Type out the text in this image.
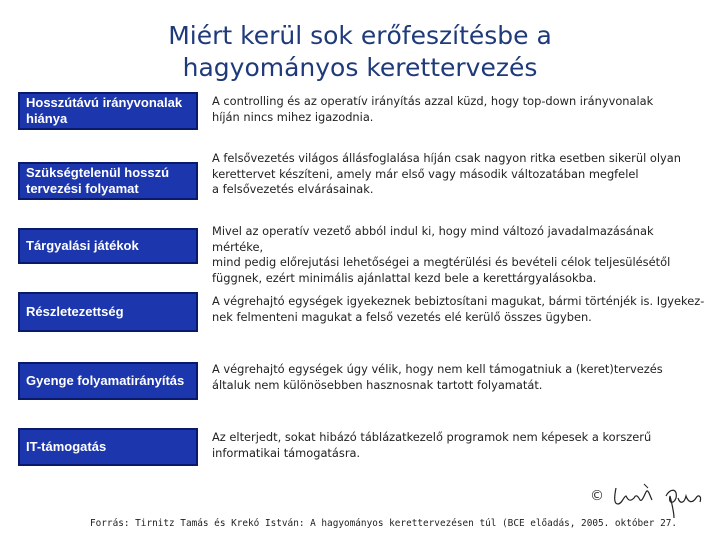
Miért kerül sok erőfeszítésbe a
hagyományos kerettervezés
Hosszútávú irányvonalak
hiánya
A controlling és az operatív irányítás azzal küzd, hogy top-down irányvonalak
híján nincs mihez igazodnia.
Szükségtelenül hosszú
tervezési folyamat
A felsővezetés világos állásfoglalása híján csak nagyon ritka esetben sikerül olyan
kerettervet készíteni, amely már első vagy második változatában megfelel
a felsővezetés elvárásainak.
Tárgyalási játékok
Mivel az operatív vezető abból indul ki, hogy mind változó javadalmazásának mértéke,
mind pedig előrejutási lehetőségei a megtérülési és bevételi célok teljesülésétől
függnek, ezért minimális ajánlattal kezd bele a kerettárgyalásokba.
Részletezettség
A végrehajtó egységek igyekeznek bebiztosítani magukat, bármi történjék is. Igyekez-
nek felmenteni magukat a felső vezetés elé kerülő összes ügyben.
Gyenge folyamatirányítás
A végrehajtó egységek úgy vélik, hogy nem kell támogatniuk a (keret)tervezés
általuk nem különösebben hasznosnak tartott folyamatát.
IT-támogatás
Az elterjedt, sokat hibázó táblázatkezelő programok nem képesek a korszerű
informatikai támogatásra.
©
Forrás: Tirnitz Tamás és Krekó István: A hagyományos kerettervezésen túl (BCE előadás, 2005. október 27.
